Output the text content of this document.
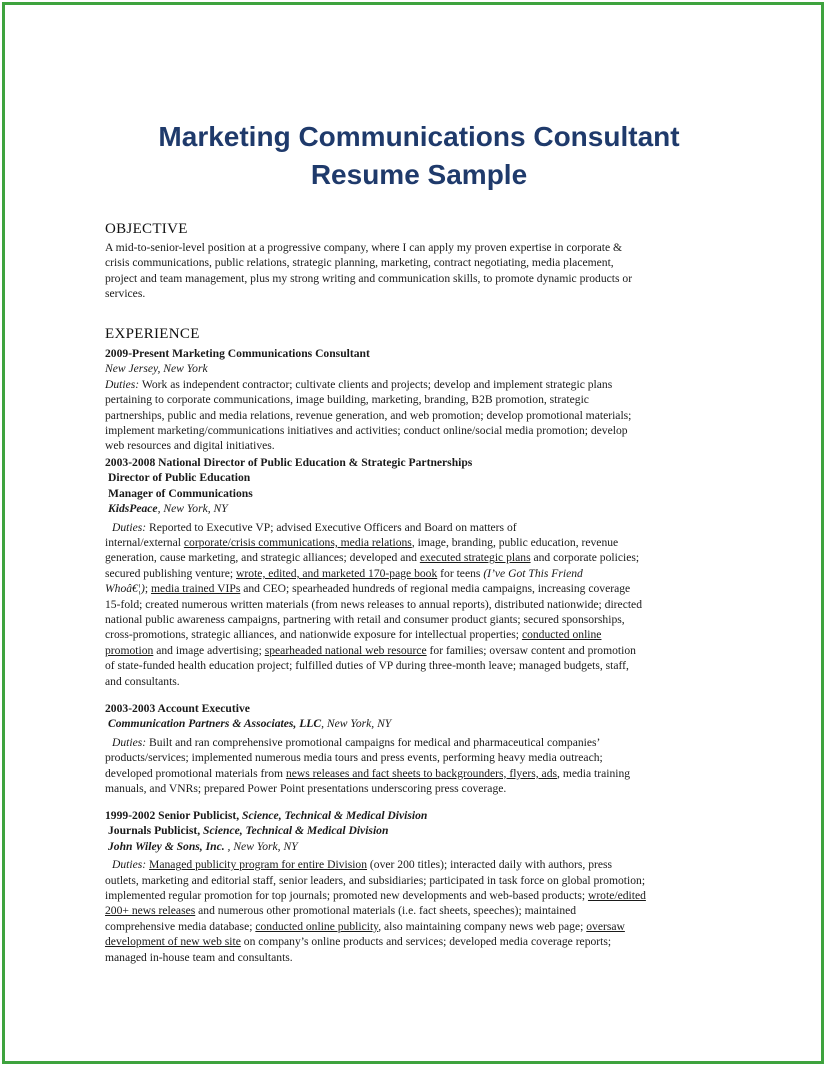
Marketing Communications Consultant
Resume Sample
OBJECTIVE
A mid-to-senior-level position at a progressive company, where I can apply my proven expertise in corporate &
crisis communications, public relations, strategic planning, marketing, contract negotiating, media placement,
project and team management, plus my strong writing and communication skills, to promote dynamic products or
services.
EXPERIENCE
2009-Present Marketing Communications Consultant
New Jersey, New York
Duties: Work as independent contractor; cultivate clients and projects; develop and implement strategic plans
pertaining to corporate communications, image building, marketing, branding, B2B promotion, strategic
partnerships, public and media relations, revenue generation, and web promotion; develop promotional materials;
implement marketing/communications initiatives and activities; conduct online/social media promotion; develop
web resources and digital initiatives.
2003-2008 National Director of Public Education & Strategic Partnerships
Director of Public Education
Manager of Communications
KidsPeace, New York, NY
Duties: Reported to Executive VP; advised Executive Officers and Board on matters of
internal/external corporate/crisis communications, media relations, image, branding, public education, revenue
generation, cause marketing, and strategic alliances; developed and executed strategic plans and corporate policies;
secured publishing venture; wrote, edited, and marketed 170-page book for teens (I’ve Got This Friend
Whoâ€¦); media trained VIPs and CEO; spearheaded hundreds of regional media campaigns, increasing coverage
15-fold; created numerous written materials (from news releases to annual reports), distributed nationwide; directed
national public awareness campaigns, partnering with retail and consumer product giants; secured sponsorships,
cross-promotions, strategic alliances, and nationwide exposure for intellectual properties; conducted online
promotion and image advertising; spearheaded national web resource for families; oversaw content and promotion
of state-funded health education project; fulfilled duties of VP during three-month leave; managed budgets, staff,
and consultants.
2003-2003 Account Executive
Communication Partners & Associates, LLC, New York, NY
Duties: Built and ran comprehensive promotional campaigns for medical and pharmaceutical companies’
products/services; implemented numerous media tours and press events, performing heavy media outreach;
developed promotional materials from news releases and fact sheets to backgrounders, flyers, ads, media training
manuals, and VNRs; prepared Power Point presentations underscoring press coverage.
1999-2002 Senior Publicist, Science, Technical & Medical Division
Journals Publicist, Science, Technical & Medical Division
John Wiley & Sons, Inc. , New York, NY
Duties: Managed publicity program for entire Division (over 200 titles); interacted daily with authors, press
outlets, marketing and editorial staff, senior leaders, and subsidiaries; participated in task force on global promotion;
implemented regular promotion for top journals; promoted new developments and web-based products; wrote/edited
200+ news releases and numerous other promotional materials (i.e. fact sheets, speeches); maintained
comprehensive media database; conducted online publicity, also maintaining company news web page; oversaw
development of new web site on company’s online products and services; developed media coverage reports;
managed in-house team and consultants.
